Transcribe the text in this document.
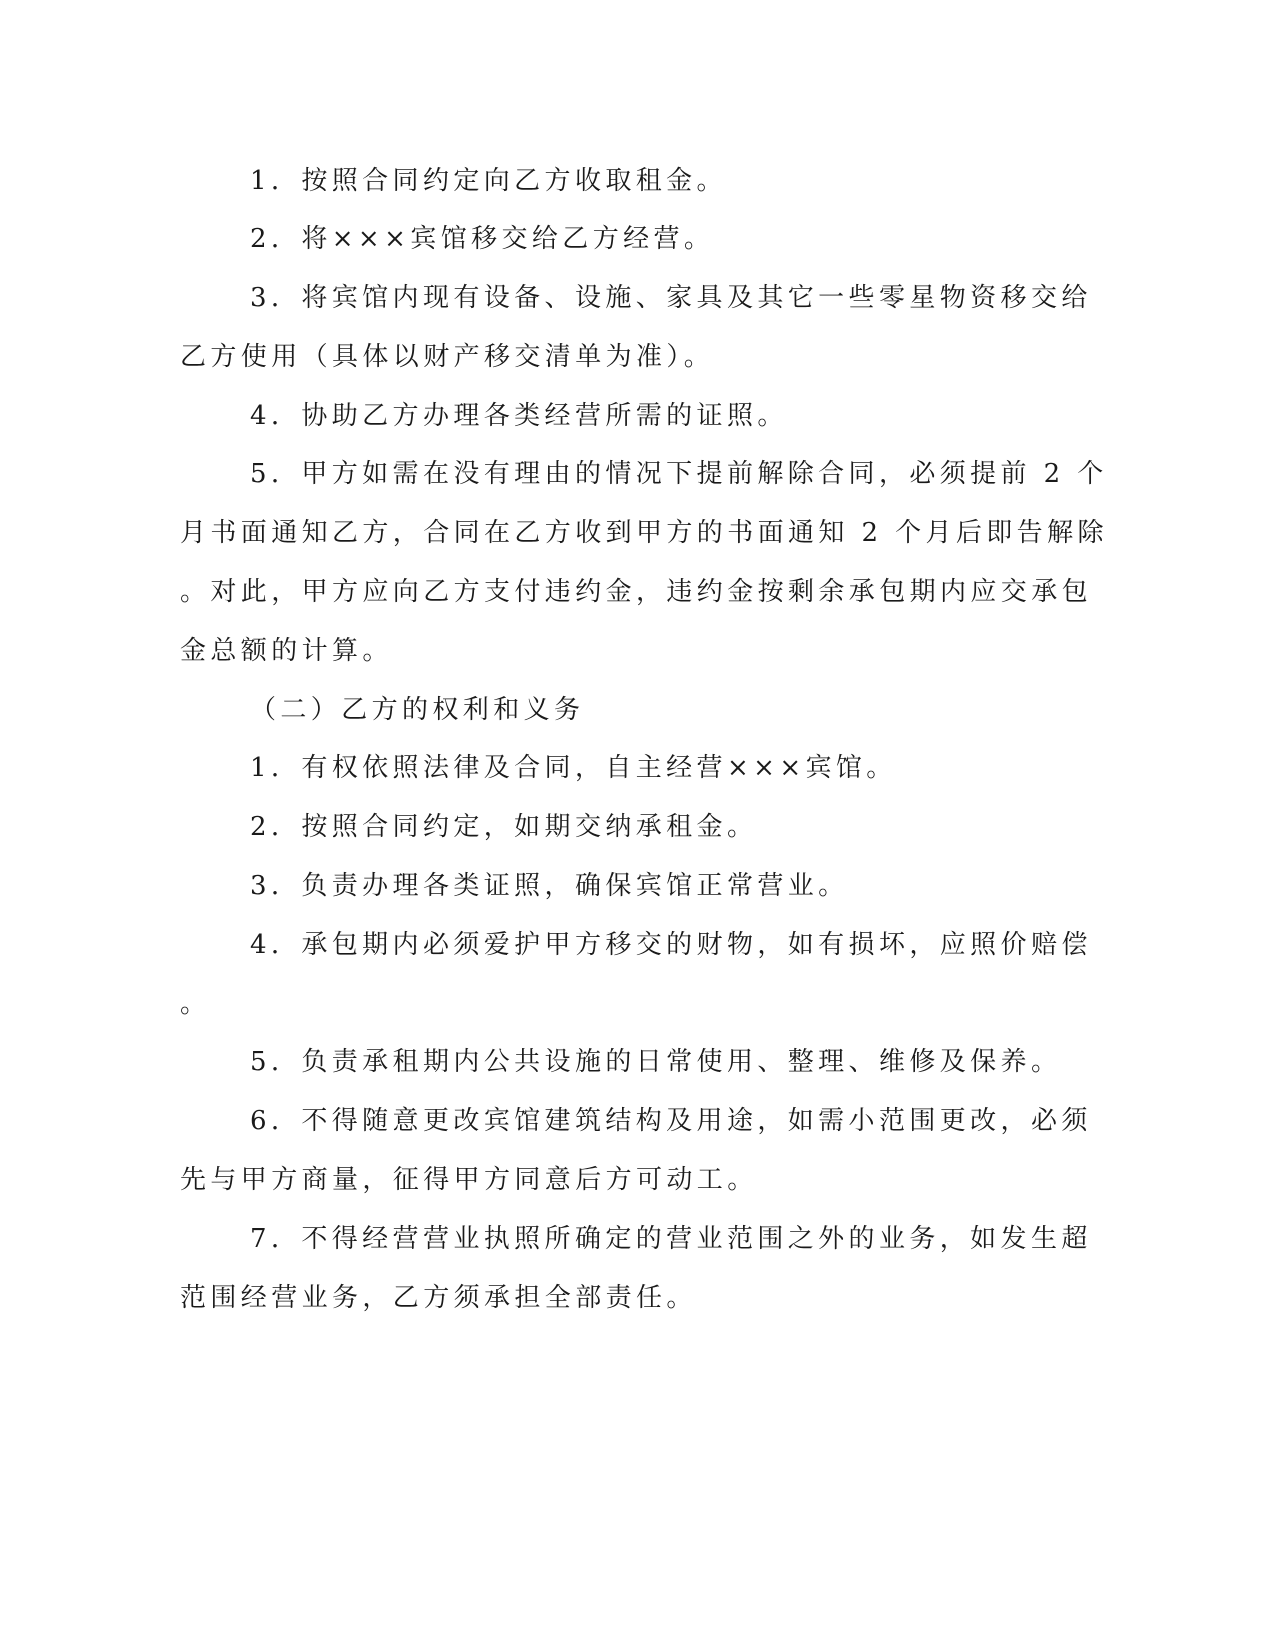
1．按照合同约定向乙方收取租金。
2．将×××宾馆移交给乙方经营。
3．将宾馆内现有设备、设施、家具及其它一些零星物资移交给
乙方使用（具体以财产移交清单为准）。
4．协助乙方办理各类经营所需的证照。
5．甲方如需在没有理由的情况下提前解除合同，必须提前 2 个
月书面通知乙方，合同在乙方收到甲方的书面通知 2 个月后即告解除
。对此，甲方应向乙方支付违约金，违约金按剩余承包期内应交承包
金总额的计算。
（二）乙方的权利和义务
1．有权依照法律及合同，自主经营×××宾馆。
2．按照合同约定，如期交纳承租金。
3．负责办理各类证照，确保宾馆正常营业。
4．承包期内必须爱护甲方移交的财物，如有损坏，应照价赔偿
。
5．负责承租期内公共设施的日常使用、整理、维修及保养。
6．不得随意更改宾馆建筑结构及用途，如需小范围更改，必须
先与甲方商量，征得甲方同意后方可动工。
7．不得经营营业执照所确定的营业范围之外的业务，如发生超
范围经营业务，乙方须承担全部责任。
